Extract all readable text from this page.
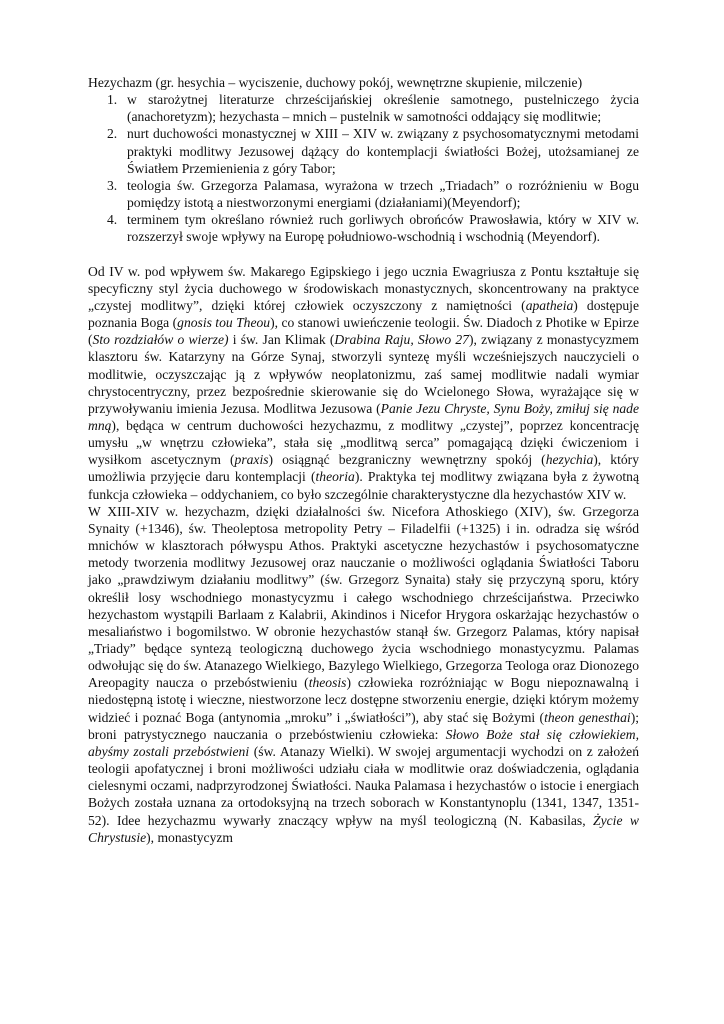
Hezychazm (gr. hesychia – wyciszenie, duchowy pokój, wewnętrzne skupienie, milczenie)
1. w starożytnej literaturze chrześcijańskiej określenie samotnego, pustelniczego życia (anachoretyzm); hezychasta – mnich – pustelnik w samotności oddający się modlitwie;
2. nurt duchowości monastycznej w XIII – XIV w. związany z psychosomatycznymi metodami praktyki modlitwy Jezusowej dążący do kontemplacji światłości Bożej, utożsamianej ze Światłem Przemienienia z góry Tabor;
3. teologia św. Grzegorza Palamasa, wyrażona w trzech „Triadach” o rozróżnieniu w Bogu pomiędzy istotą a niestworzonymi energiami (działaniami)(Meyendorf);
4. terminem tym określano również ruch gorliwych obrońców Prawosławia, który w XIV w. rozszerzył swoje wpływy na Europę południowo-wschodnią i wschodnią (Meyendorf).

Od IV w. pod wpływem św. Makarego Egipskiego i jego ucznia Ewagriusza z Pontu kształtuje się specyficzny styl życia duchowego w środowiskach monastycznych, skoncentrowany na praktyce „czystej modlitwy”, dzięki której człowiek oczyszczony z namiętności (apatheia) dostępuje poznania Boga (gnosis tou Theou), co stanowi uwieńczenie teologii. Św. Diadoch z Photike w Epirze (Sto rozdziałów o wierze) i św. Jan Klimak (Drabina Raju, Słowo 27), związany z monastycyzmem klasztoru św. Katarzyny na Górze Synaj, stworzyli syntezę myśli wcześniejszych nauczycieli o modlitwie, oczyszczając ją z wpływów neoplatonizmu, zaś samej modlitwie nadali wymiar chrystocentryczny, przez bezpośrednie skierowanie się do Wcielonego Słowa, wyrażające się w przywoływaniu imienia Jezusa. Modlitwa Jezusowa (Panie Jezu Chryste, Synu Boży, zmiłuj się nade mną), będąca w centrum duchowości hezychazmu, z modlitwy „czystej”, poprzez koncentrację umysłu „w wnętrzu człowieka”, stała się „modlitwą serca” pomagającą dzięki ćwiczeniom i wysiłkom ascetycznym (praxis) osiągnąć bezgraniczny wewnętrzny spokój (hezychia), który umożliwia przyjęcie daru kontemplacji (theoria). Praktyka tej modlitwy związana była z żywotną funkcja człowieka – oddychaniem, co było szczególnie charakterystyczne dla hezychastów XIV w.

W XIII-XIV w. hezychazm, dzięki działalności św. Nicefora Athoskiego (XIV), św. Grzegorza Synaity (+1346), św. Theoleptosa metropolity Petry – Filadelfii (+1325) i in. odradza się wśród mnichów w klasztorach półwyspu Athos. Praktyki ascetyczne hezychastów i psychosomatyczne metody tworzenia modlitwy Jezusowej oraz nauczanie o możliwości oglądania Światłości Taboru jako „prawdziwym działaniu modlitwy” (św. Grzegorz Synaita) stały się przyczyną sporu, który określił losy wschodniego monastycyzmu i całego wschodniego chrześcijaństwa. Przeciwko hezychastom wystąpili Barlaam z Kalabrii, Akindinos i Nicefor Hrygora oskarżając hezychastów o mesaliaństwo i bogomilstwo. W obronie hezychastów stanął św. Grzegorz Palamas, który napisał „Triady” będące syntezą teologiczną duchowego życia wschodniego monastycyzmu. Palamas odwołując się do św. Atanazego Wielkiego, Bazylego Wielkiego, Grzegorza Teologa oraz Dionozego Areopagity naucza o przebóstwieniu (theosis) człowieka rozróżniając w Bogu niepoznawalną i niedostępną istotę i wieczne, niestworzone lecz dostępne stworzeniu energie, dzięki którym możemy widzieć i poznać Boga (antynomia „mroku” i „światłości”), aby stać się Bożymi (theon genesthai); broni patrystycznego nauczania o przebóstwieniu człowieka: Słowo Boże stał się człowiekiem, abyśmy zostali przebóstwieni (św. Atanazy Wielki). W swojej argumentacji wychodzi on z założeń teologii apofatycznej i broni możliwości udziału ciała w modlitwie oraz doświadczenia, oglądania cielesnymi oczami, nadprzyrodzonej Światłości. Nauka Palamasa i hezychastów o istocie i energiach Bożych została uznana za ortodoksyjną na trzech soborach w Konstantynoplu (1341, 1347, 1351-52). Idee hezychazmu wywarły znaczący wpływ na myśl teologiczną (N. Kabasilas, Życie w Chrystusie), monastycyzm
